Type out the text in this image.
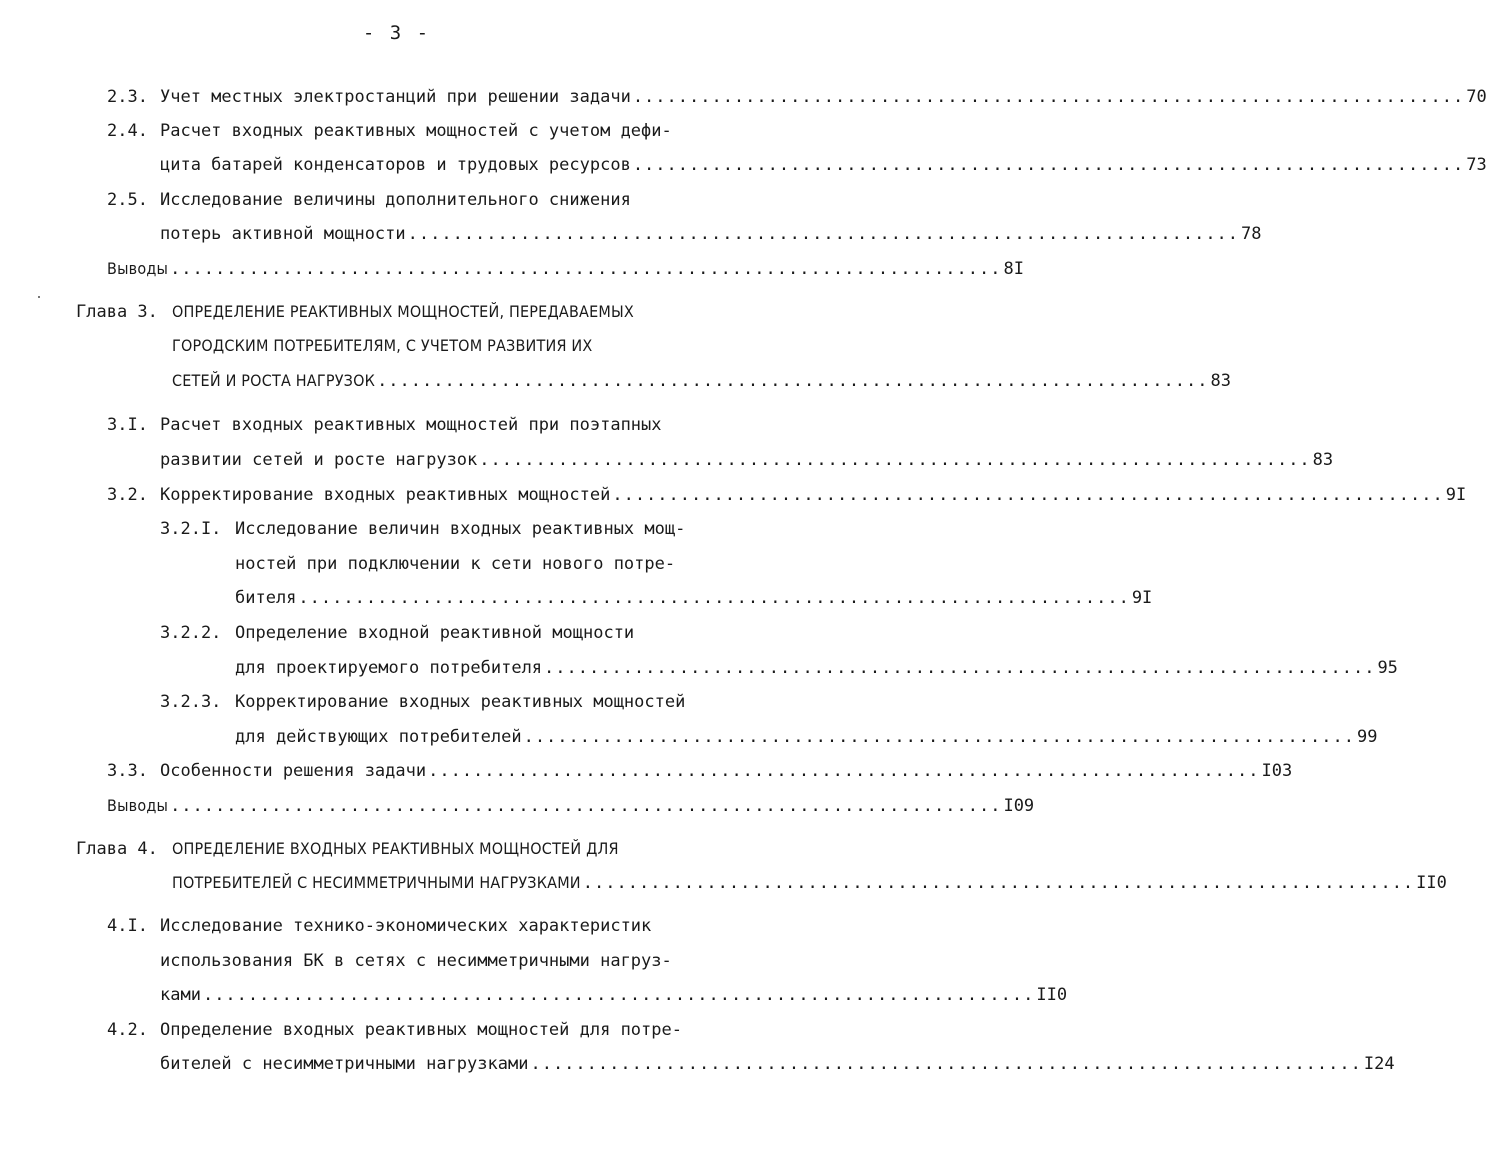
- 3 -
2.3. Учет местных электростанций при решении задачи .......................................................................... 70
2.4. Расчет входных реактивных мощностей с учетом дефи-
цита батарей конденсаторов и трудовых ресурсов .......................................................................... 73
2.5. Исследование величины дополнительного снижения
потерь активной мощности .......................................................................... 78
Выводы .......................................................................... 8I
Глава 3. ОПРЕДЕЛЕНИЕ РЕАКТИВНЫХ МОЩНОСТЕЙ, ПЕРЕДАВАЕМЫХ
ГОРОДСКИМ ПОТРЕБИТЕЛЯМ, С УЧЕТОМ РАЗВИТИЯ ИХ
СЕТЕЙ И РОСТА НАГРУЗОК .......................................................................... 83
3.I. Расчет входных реактивных мощностей при поэтапных
развитии сетей и росте нагрузок .......................................................................... 83
3.2. Корректирование входных реактивных мощностей .......................................................................... 9I
3.2.I. Исследование величин входных реактивных мощ-
ностей при подключении к сети нового потре-
бителя .......................................................................... 9I
3.2.2. Определение входной реактивной мощности
для проектируемого потребителя .......................................................................... 95
3.2.3. Корректирование входных реактивных мощностей
для действующих потребителей .......................................................................... 99
3.3. Особенности решения задачи .......................................................................... I03
Выводы .......................................................................... I09
Глава 4. ОПРЕДЕЛЕНИЕ ВХОДНЫХ РЕАКТИВНЫХ МОЩНОСТЕЙ ДЛЯ
ПОТРЕБИТЕЛЕЙ С НЕСИММЕТРИЧНЫМИ НАГРУЗКАМИ .......................................................................... II0
4.I. Исследование технико-экономических характеристик
использования БК в сетях с несимметричными нагруз-
ками .......................................................................... II0
4.2. Определение входных реактивных мощностей для потре-
бителей с несимметричными нагрузками .......................................................................... I24
